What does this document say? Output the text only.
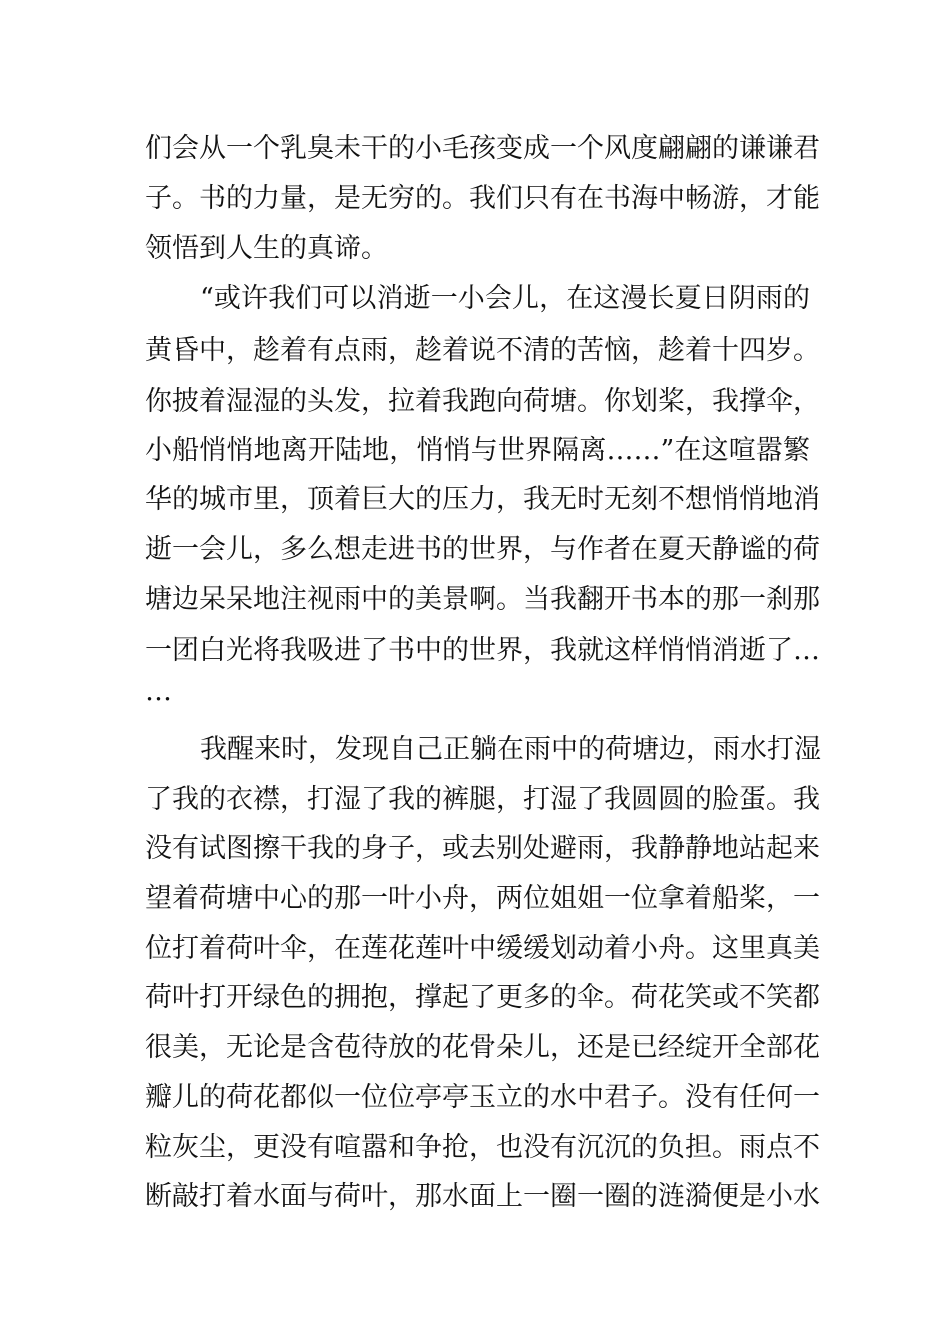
们会从一个乳臭未干的小毛孩变成一个风度翩翩的谦谦君
子。书的力量，是无穷的。我们只有在书海中畅游，才能
领悟到人生的真谛。
“或许我们可以消逝一小会儿，在这漫长夏日阴雨的
黄昏中，趁着有点雨，趁着说不清的苦恼，趁着十四岁。
你披着湿湿的头发，拉着我跑向荷塘。你划桨，我撑伞，
小船悄悄地离开陆地，悄悄与世界隔离……”在这喧嚣繁
华的城市里，顶着巨大的压力，我无时无刻不想悄悄地消
逝一会儿，多么想走进书的世界，与作者在夏天静谧的荷
塘边呆呆地注视雨中的美景啊。当我翻开书本的那一刹那
一团白光将我吸进了书中的世界，我就这样悄悄消逝了…
…
我醒来时，发现自己正躺在雨中的荷塘边，雨水打湿
了我的衣襟，打湿了我的裤腿，打湿了我圆圆的脸蛋。我
没有试图擦干我的身子，或去别处避雨，我静静地站起来
望着荷塘中心的那一叶小舟，两位姐姐一位拿着船桨，一
位打着荷叶伞，在莲花莲叶中缓缓划动着小舟。这里真美
荷叶打开绿色的拥抱，撑起了更多的伞。荷花笑或不笑都
很美，无论是含苞待放的花骨朵儿，还是已经绽开全部花
瓣儿的荷花都似一位位亭亭玉立的水中君子。没有任何一
粒灰尘，更没有喧嚣和争抢，也没有沉沉的负担。雨点不
断敲打着水面与荷叶，那水面上一圈一圈的涟漪便是小水
